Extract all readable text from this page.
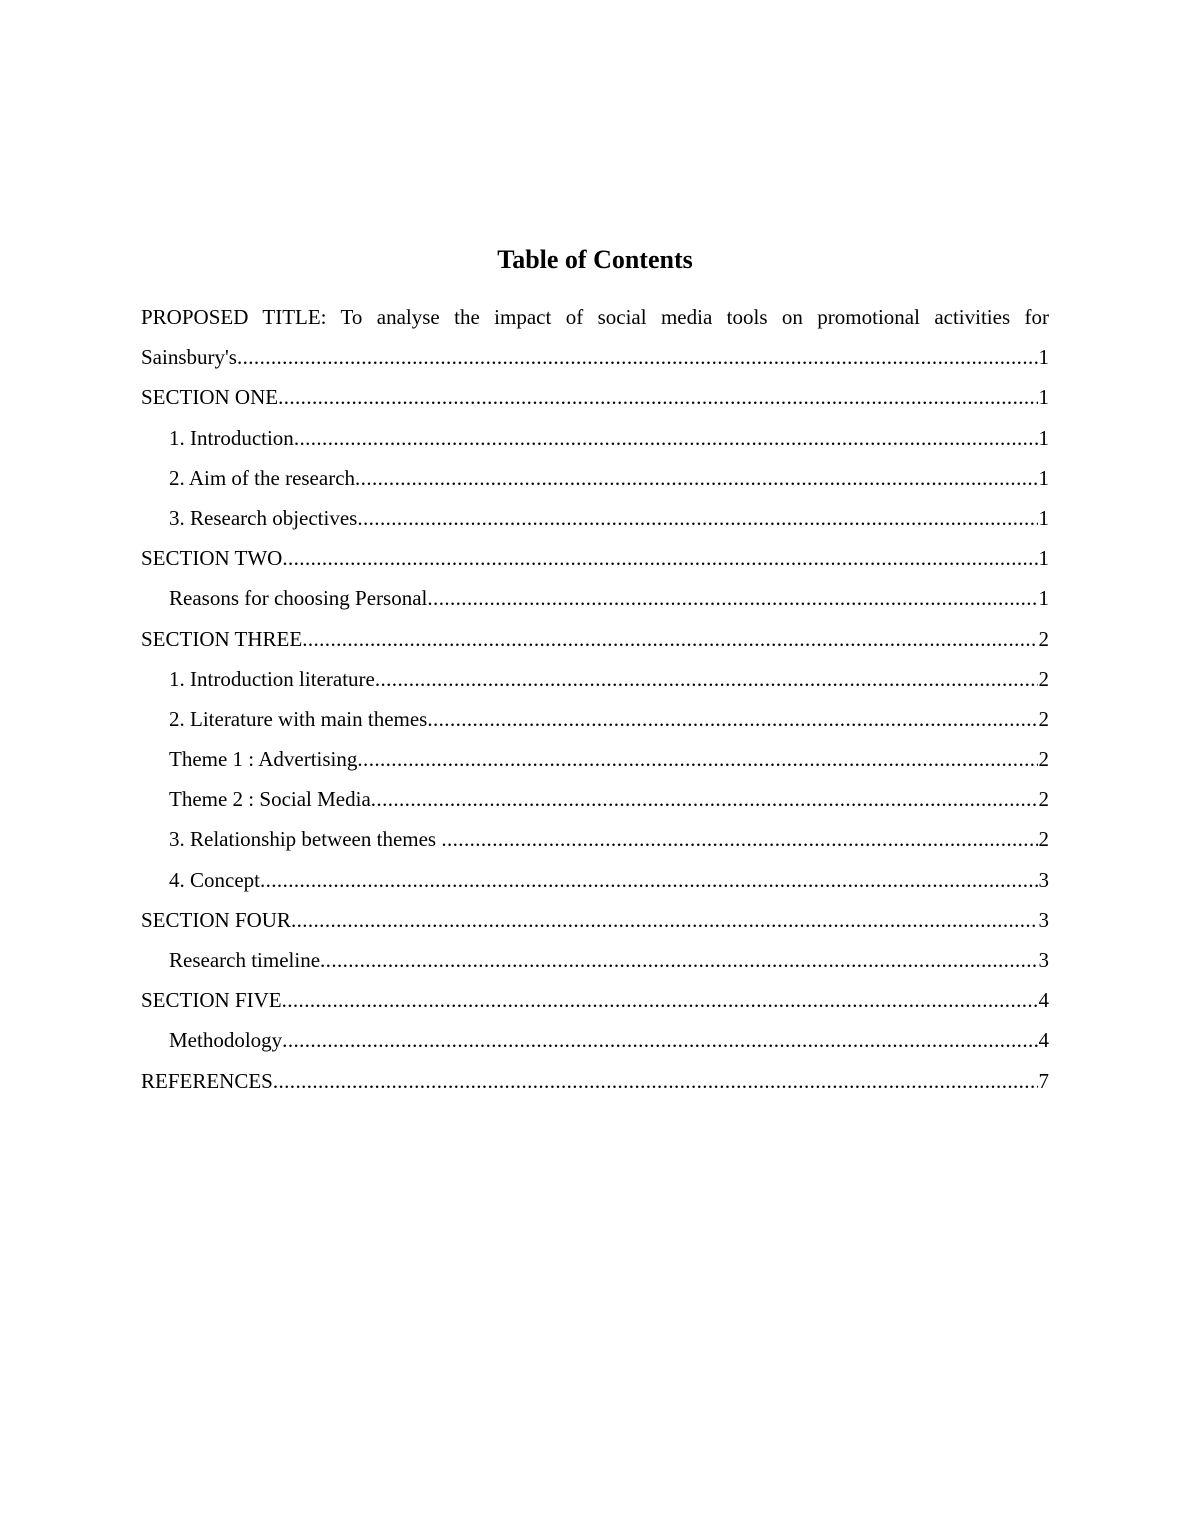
Table of Contents
PROPOSED TITLE: To analyse the impact of social media tools on promotional activities for
Sainsbury's .....	1
SECTION ONE .....	1
1. Introduction .....	1
2. Aim of the research .....	1
3. Research objectives .....	1
SECTION TWO .....	1
Reasons for choosing Personal .....	1
SECTION THREE .....	2
1. Introduction literature .....	2
2. Literature with main themes .....	2
Theme 1 : Advertising .....	2
Theme 2 : Social Media .....	2
3. Relationship between themes .....	2
4. Concept .....	3
SECTION FOUR .....	3
Research timeline .....	3
SECTION FIVE .....	4
Methodology .....	4
REFERENCES .....	7
